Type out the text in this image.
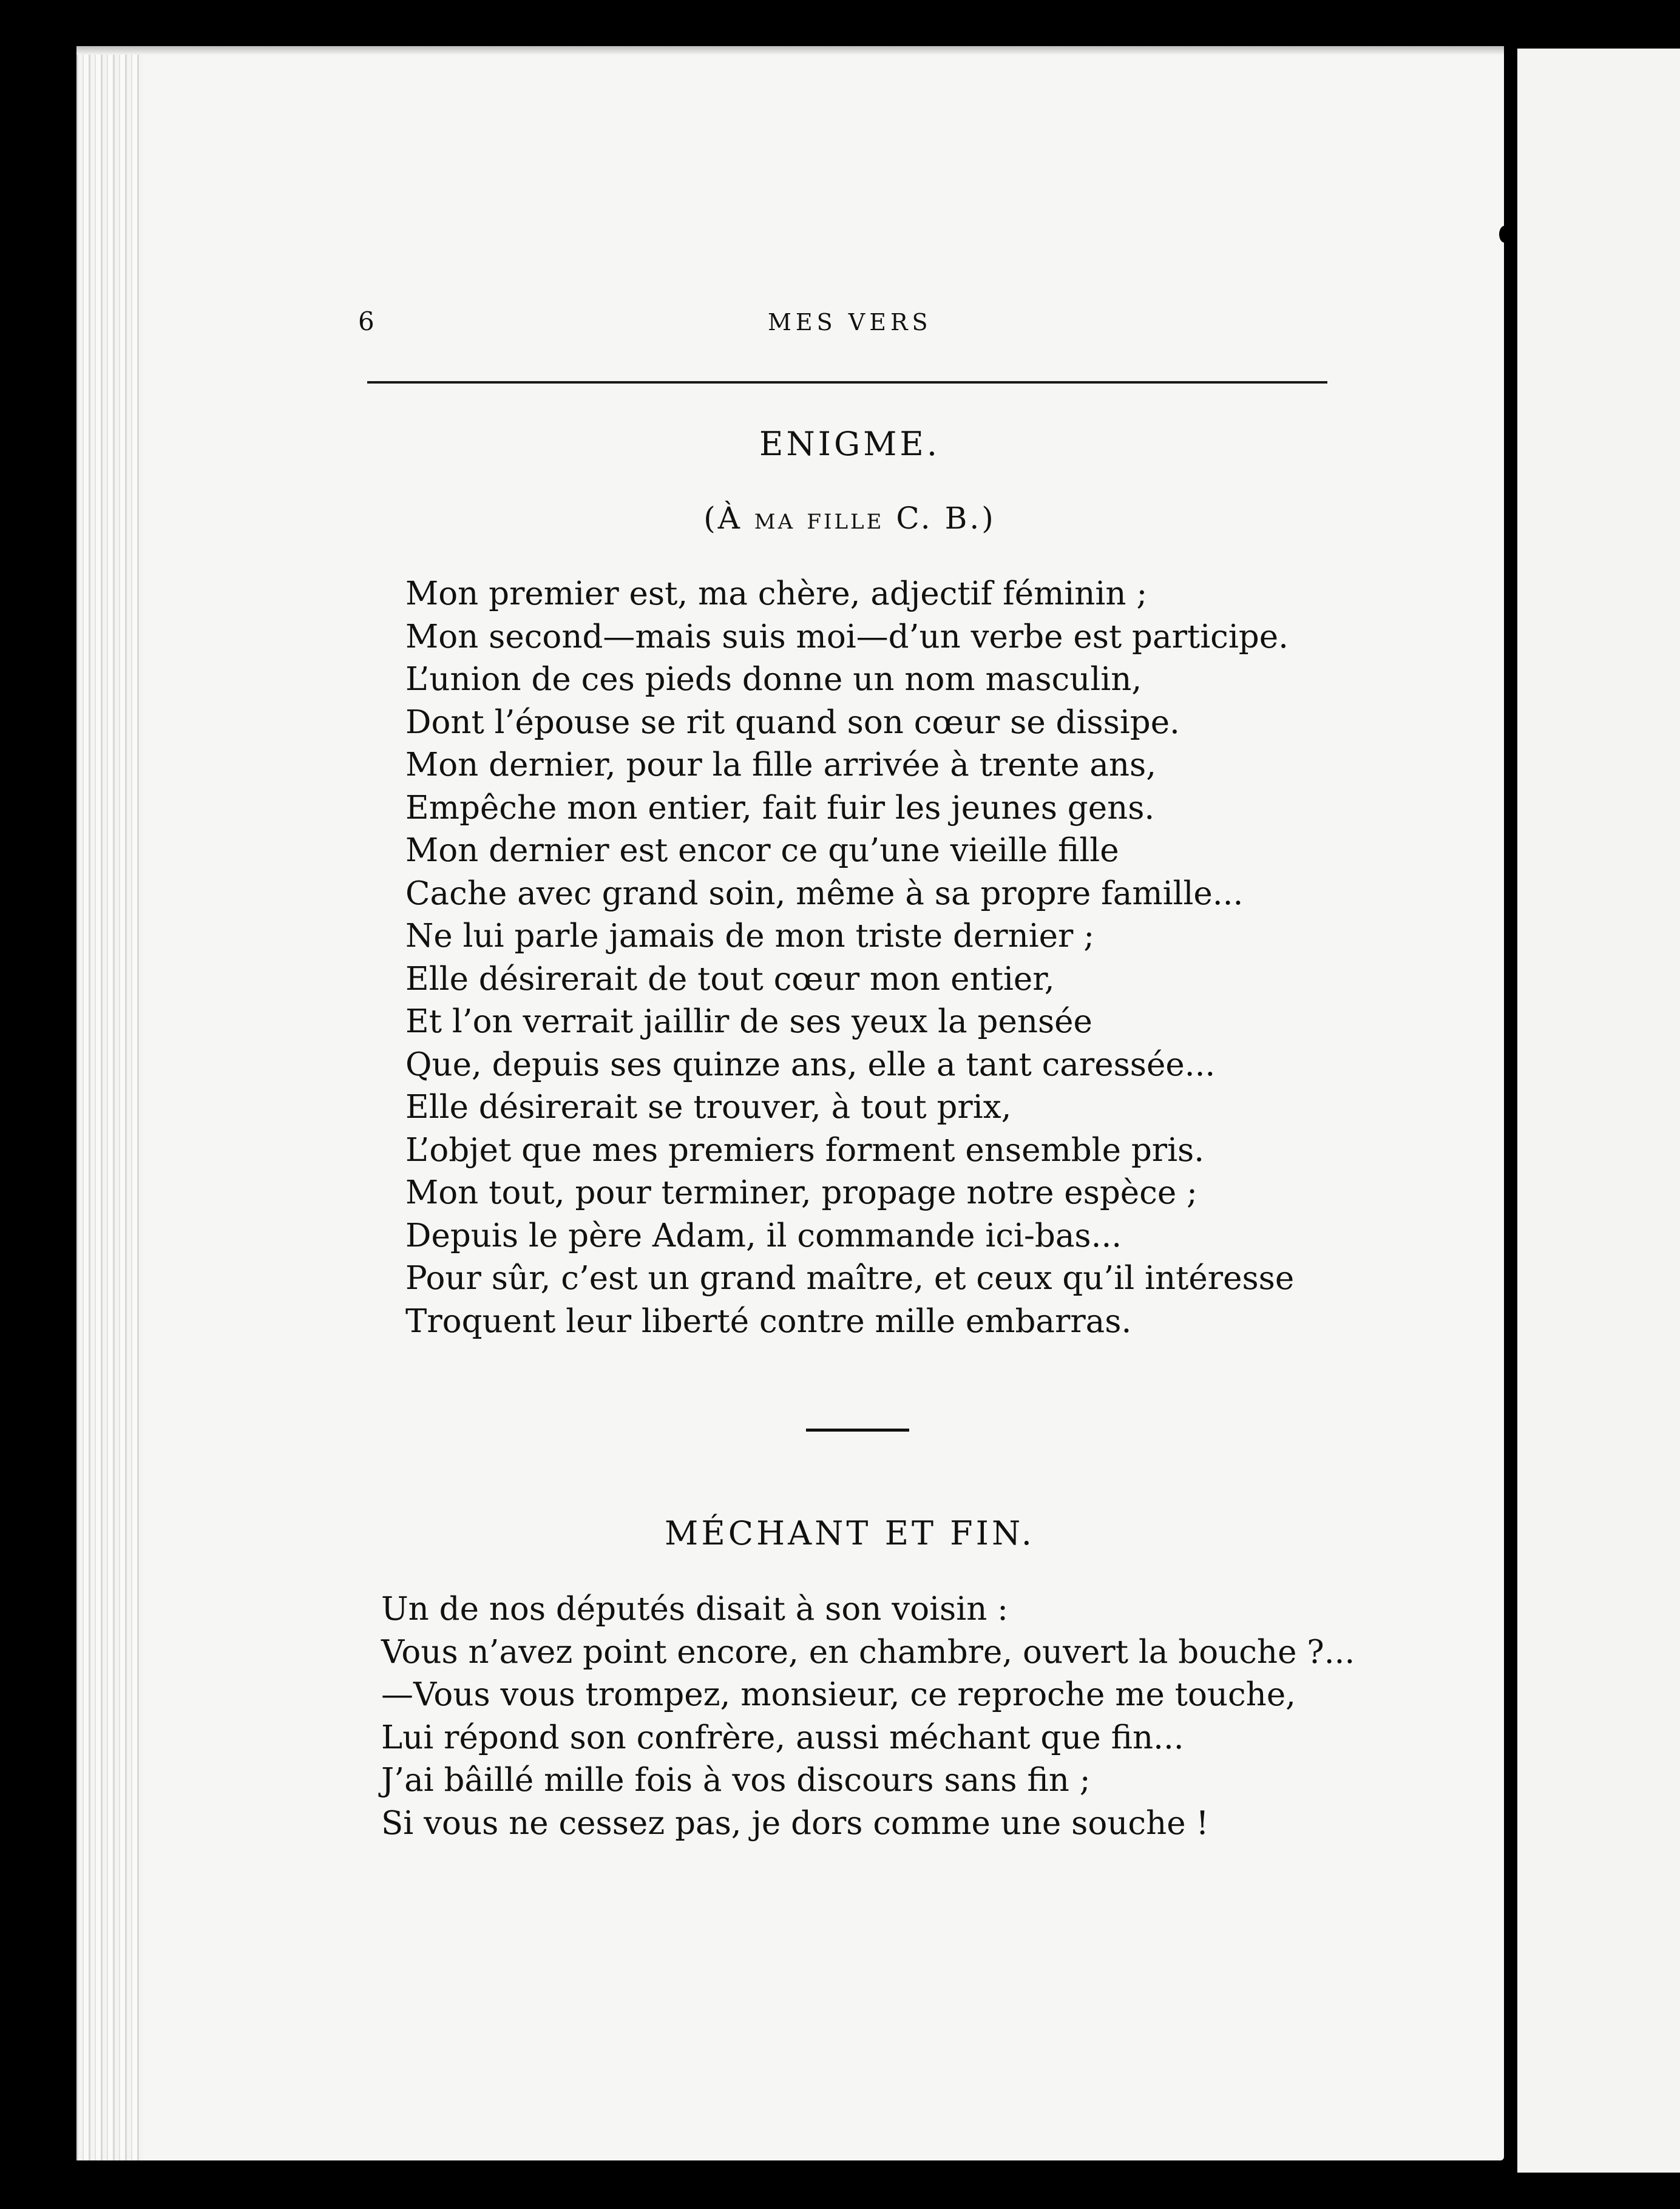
6	MES VERS
ENIGME.
(À ma fille C. B.)
Mon premier est, ma chère, adjectif féminin ;
Mon second—mais suis moi—d’un verbe est participe.
L’union de ces pieds donne un nom masculin,
Dont l’épouse se rit quand son cœur se dissipe.
Mon dernier, pour la fille arrivée à trente ans,
Empêche mon entier, fait fuir les jeunes gens.
Mon dernier est encor ce qu’une vieille fille
Cache avec grand soin, même à sa propre famille...
Ne lui parle jamais de mon triste dernier ;
Elle désirerait de tout cœur mon entier,
Et l’on verrait jaillir de ses yeux la pensée
Que, depuis ses quinze ans, elle a tant caressée...
Elle désirerait se trouver, à tout prix,
L’objet que mes premiers forment ensemble pris.
Mon tout, pour terminer, propage notre espèce ;
Depuis le père Adam, il commande ici-bas...
Pour sûr, c’est un grand maître, et ceux qu’il intéresse
Troquent leur liberté contre mille embarras.
MÉCHANT ET FIN.
Un de nos députés disait à son voisin :
Vous n’avez point encore, en chambre, ouvert la bouche ?...
—Vous vous trompez, monsieur, ce reproche me touche,
Lui répond son confrère, aussi méchant que fin...
J’ai bâillé mille fois à vos discours sans fin ;
Si vous ne cessez pas, je dors comme une souche !
